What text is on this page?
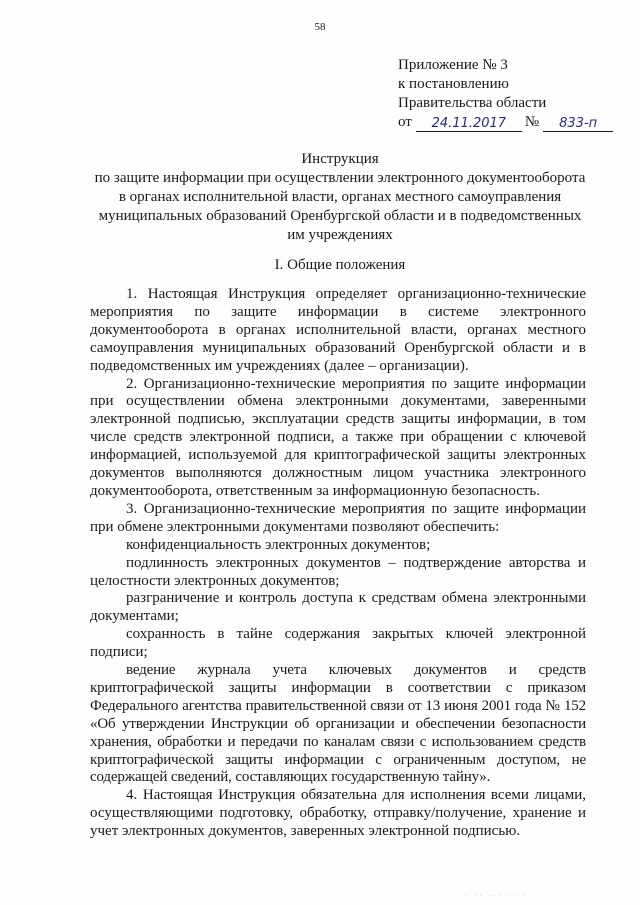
58
Приложение № 3
к постановлению
Правительства области
от	24.11.2017	№	833-п
Инструкция
по защите информации при осуществлении электронного документооборота
в органах исполнительной власти, органах местного самоуправления
муниципальных образований Оренбургской области и в подведомственных
им учреждениях
I. Общие положения

1. Настоящая Инструкция определяет организационно-технические мероприятия по защите информации в системе электронного документооборота в органах исполнительной власти, органах местного самоуправления муниципальных образований Оренбургской области и в подведомственных им учреждениях (далее – организации).

2. Организационно-технические мероприятия по защите информации при осуществлении обмена электронными документами, заверенными электронной подписью, эксплуатации средств защиты информации, в том числе средств электронной подписи, а также при обращении с ключевой информацией, используемой для криптографической защиты электронных документов выполняются должностным лицом участника электронного документооборота, ответственным за информационную безопасность.

3. Организационно-технические мероприятия по защите информации при обмене электронными документами позволяют обеспечить:

конфиденциальность электронных документов;

подлинность электронных документов – подтверждение авторства и целостности электронных документов;

разграничение и контроль доступа к средствам обмена электронными документами;

сохранность в тайне содержания закрытых ключей электронной подписи;

ведение журнала учета ключевых документов и средств криптографической защиты информации в соответствии с приказом Федерального агентства правительственной связи от 13 июня 2001 года № 152 «Об утверждении Инструкции об организации и обеспечении безопасности хранения, обработки и передачи по каналам связи с использованием средств криптографической защиты информации с ограниченным доступом, не содержащей сведений, составляющих государственную тайну».

4. Настоящая Инструкция обязательна для исполнения всеми лицами, осуществляющими подготовку, обработку, отправку/получение, хранение и учет электронных документов, заверенных электронной подписью.

· ·· ··· ·· ·
